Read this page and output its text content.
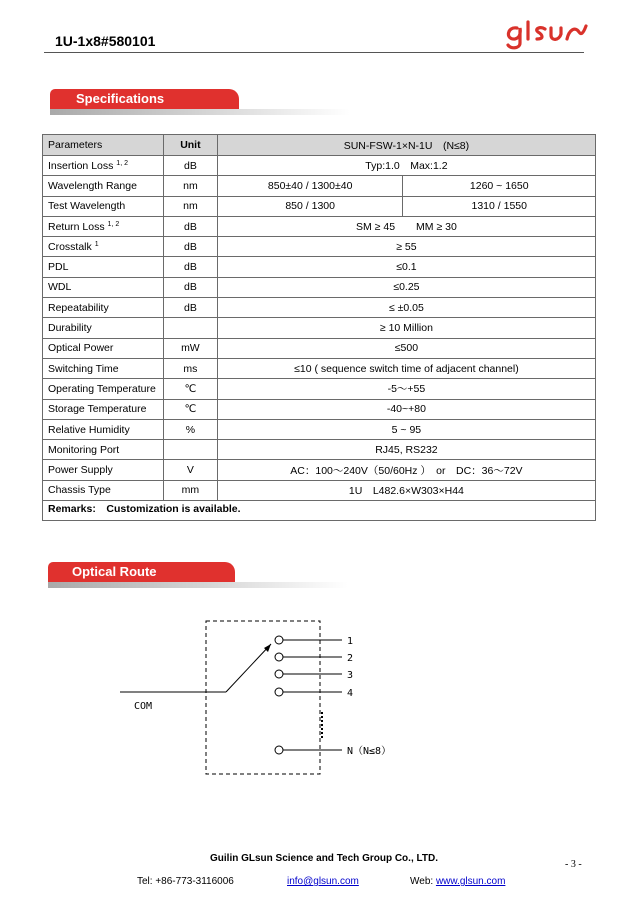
1U-1x8#580101
Specifications
Parameters	Unit	SUN-FSW-1×N-1U　(N≤8)	
Insertion Loss $^{1, 2}$	dB	Typ:1.0　Max:1.2	
Wavelength Range	nm	850±40 / 1300±40	1260 ~ 1650
Test Wavelength	nm	850 / 1300	1310 / 1550
Return Loss $^{1, 2}$	dB	SM ≥ 45　　MM ≥ 30	
Crosstalk $^1$	dB	≥ 55	
PDL	dB	≤0.1	
WDL	dB	≤0.25	
Repeatability	dB	≤ ±0.05	
Durability		≥ 10 Million	
Optical Power	mW	≤500	
Switching Time	ms	≤10 ( sequence switch time of adjacent channel)	
Operating Temperature	℃	-5～+55	
Storage Temperature	℃	-40~+80	
Relative Humidity	%	5 ~ 95	
Monitoring Port		RJ45, RS232	
Power Supply	V	AC：100～240V（50/60Hz ）　or　DC：36～72V	
Chassis Type	mm	1U　L482.6×W303×H44	
Remarks:　Customization is available.			
Optical Route
COM
1
2
3
4
N（N≤8）
Guilin GLsun Science and Tech Group Co., LTD.
- 3 -
Tel: +86-773-3116006	info@glsun.com	Web: www.glsun.com
